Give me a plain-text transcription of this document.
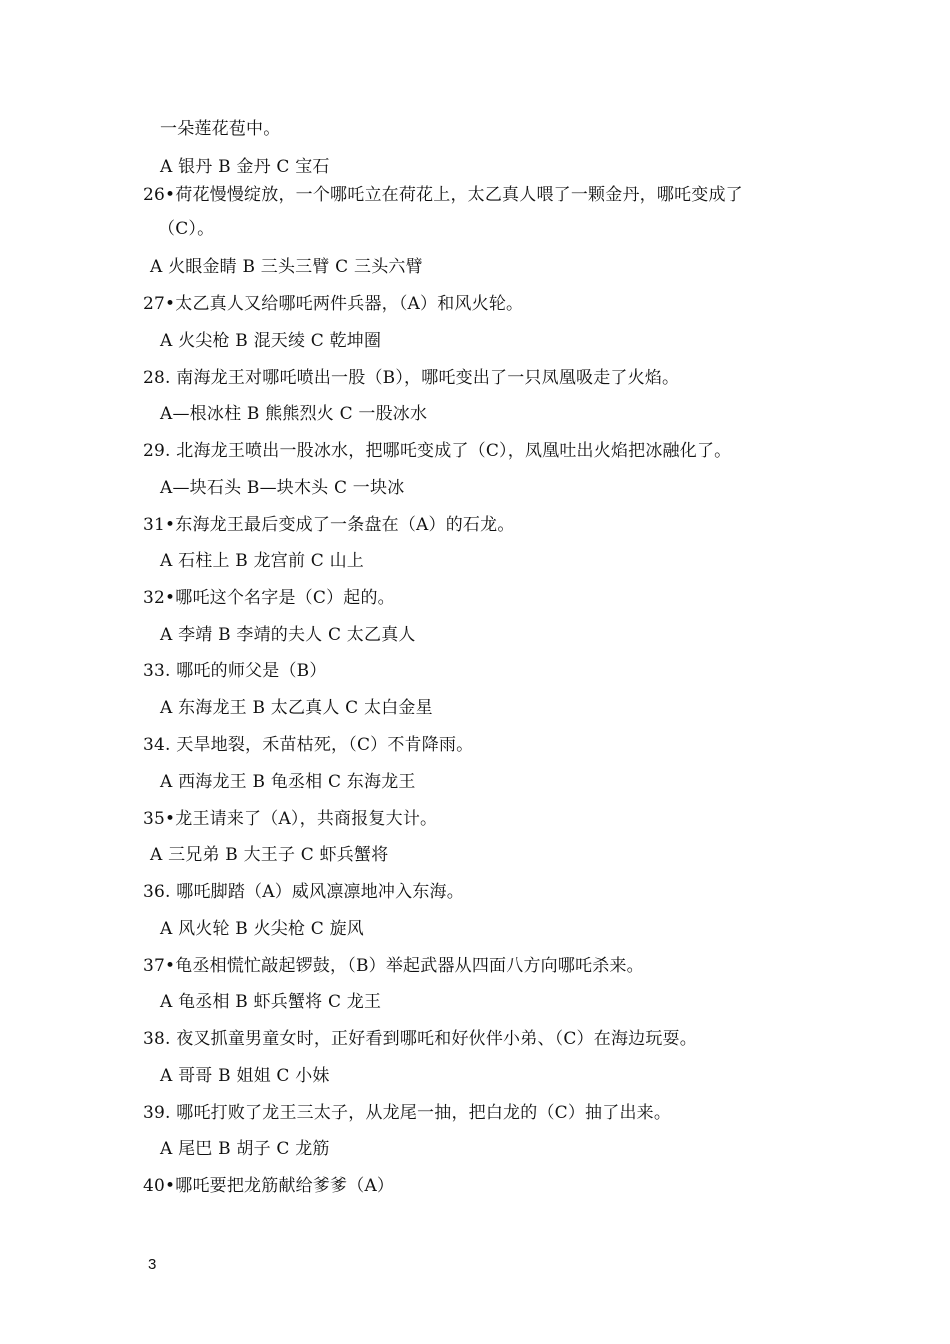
一朵莲花苞中。
A 银丹 B 金丹 C 宝石
26•荷花慢慢绽放，一个哪吒立在荷花上，太乙真人喂了一颗金丹，哪吒变成了
（C）。
A 火眼金睛 B 三头三臂 C 三头六臂
27•太乙真人又给哪吒两件兵器，（A）和风火轮。
A 火尖枪 B 混天绫 C 乾坤圈
28. 南海龙王对哪吒喷出一股（B），哪吒变出了一只凤凰吸走了火焰。
A—根冰柱 B 熊熊烈火 C 一股冰水
29. 北海龙王喷出一股冰水，把哪吒变成了（C），凤凰吐出火焰把冰融化了。
A—块石头 B—块木头 C 一块冰
31•东海龙王最后变成了一条盘在（A）的石龙。
A 石柱上 B 龙宫前 C 山上
32•哪吒这个名字是（C）起的。
A 李靖 B 李靖的夫人 C 太乙真人
33. 哪吒的师父是（B）
A 东海龙王 B 太乙真人 C 太白金星
34. 天旱地裂，禾苗枯死，（C）不肯降雨。
A 西海龙王 B 龟丞相 C 东海龙王
35•龙王请来了（A），共商报复大计。
A 三兄弟 B 大王子 C 虾兵蟹将
36. 哪吒脚踏（A）威风凛凛地冲入东海。
A 风火轮 B 火尖枪 C 旋风
37•龟丞相慌忙敲起锣鼓，（B）举起武器从四面八方向哪吒杀来。
A 龟丞相 B 虾兵蟹将 C 龙王
38. 夜叉抓童男童女时，正好看到哪吒和好伙伴小弟、（C）在海边玩耍。
A 哥哥 B 姐姐 C 小妹
39. 哪吒打败了龙王三太子，从龙尾一抽，把白龙的（C）抽了出来。
A 尾巴 B 胡子 C 龙筋
40•哪吒要把龙筋献给爹爹（A）
3
